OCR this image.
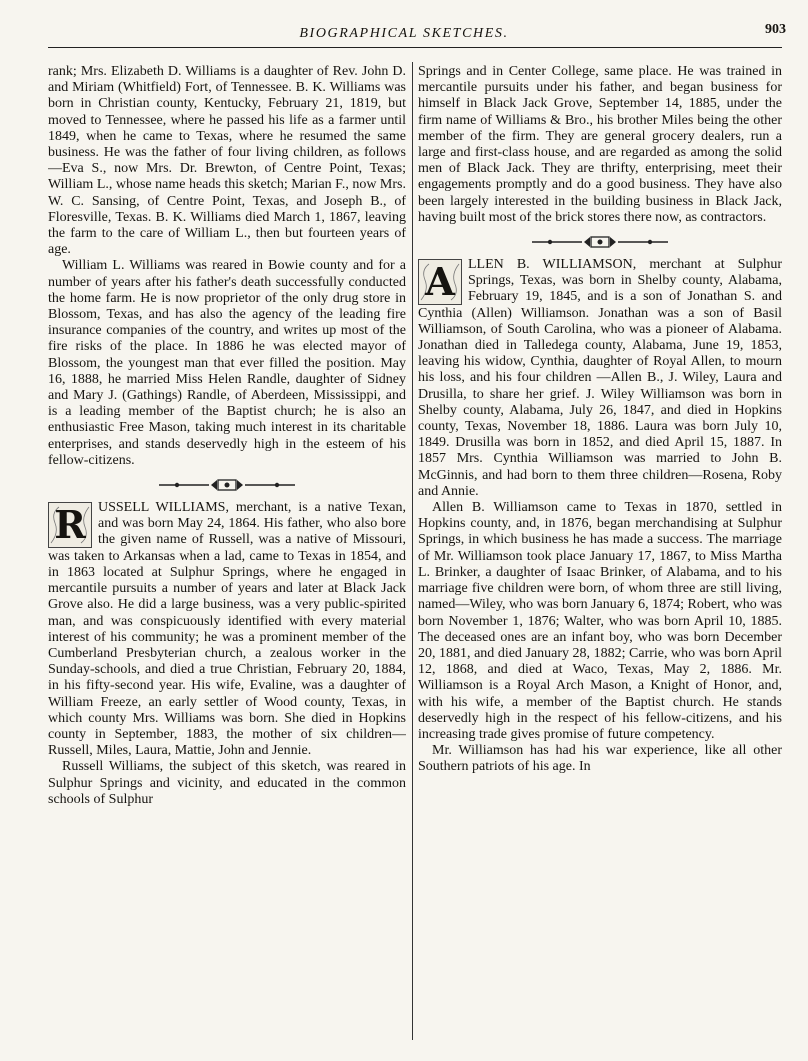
BIOGRAPHICAL SKETCHES.	903

rank; Mrs. Elizabeth D. Williams is a daughter of Rev. John D. and Miriam (Whitfield) Fort, of Tennessee. B. K. Williams was born in Christian county, Kentucky, February 21, 1819, but moved to Tennessee, where he passed his life as a farmer until 1849, when he came to Texas, where he resumed the same business. He was the father of four living children, as follows—Eva S., now Mrs. Dr. Brewton, of Centre Point, Texas; William L., whose name heads this sketch; Marian F., now Mrs. W. C. Sansing, of Centre Point, Texas, and Joseph B., of Floresville, Texas. B. K. Williams died March 1, 1867, leaving the farm to the care of William L., then but fourteen years of age.

William L. Williams was reared in Bowie county and for a number of years after his father's death successfully conducted the home farm. He is now proprietor of the only drug store in Blossom, Texas, and has also the agency of the leading fire insurance companies of the country, and writes up most of the fire risks of the place. In 1886 he was elected mayor of Blossom, the youngest man that ever filled the position. May 16, 1888, he married Miss Helen Randle, daughter of Sidney and Mary J. (Gathings) Randle, of Aberdeen, Mississippi, and is a leading member of the Baptist church; he is also an enthusiastic Free Mason, taking much interest in its charitable enterprises, and stands deservedly high in the esteem of his fellow-citizens.

R USSELL WILLIAMS, merchant, is a native Texan, and was born May 24, 1864. His father, who also bore the given name of Russell, was a native of Missouri, was taken to Arkansas when a lad, came to Texas in 1854, and in 1863 located at Sulphur Springs, where he engaged in mercantile pursuits a number of years and later at Black Jack Grove also. He did a large business, was a very public-spirited man, and was conspicuously identified with every material interest of his community; he was a prominent member of the Cumberland Presbyterian church, a zealous worker in the Sunday-schools, and died a true Christian, February 20, 1884, in his fifty-second year. His wife, Evaline, was a daughter of William Freeze, an early settler of Wood county, Texas, in which county Mrs. Williams was born. She died in Hopkins county in September, 1883, the mother of six children—Russell, Miles, Laura, Mattie, John and Jennie.

Russell Williams, the subject of this sketch, was reared in Sulphur Springs and vicinity, and educated in the common schools of Sulphur

Springs and in Center College, same place. He was trained in mercantile pursuits under his father, and began business for himself in Black Jack Grove, September 14, 1885, under the firm name of Williams & Bro., his brother Miles being the other member of the firm. They are general grocery dealers, run a large and first-class house, and are regarded as among the solid men of Black Jack. They are thrifty, enterprising, meet their engagements promptly and do a good business. They have also been largely interested in the building business in Black Jack, having built most of the brick stores there now, as contractors.

A LLEN B. WILLIAMSON, merchant at Sulphur Springs, Texas, was born in Shelby county, Alabama, February 19, 1845, and is a son of Jonathan S. and Cynthia (Allen) Williamson. Jonathan was a son of Basil Williamson, of South Carolina, who was a pioneer of Alabama. Jonathan died in Talledega county, Alabama, June 19, 1853, leaving his widow, Cynthia, daughter of Royal Allen, to mourn his loss, and his four children —Allen B., J. Wiley, Laura and Drusilla, to share her grief. J. Wiley Williamson was born in Shelby county, Alabama, July 26, 1847, and died in Hopkins county, Texas, November 18, 1886. Laura was born July 10, 1849. Drusilla was born in 1852, and died April 15, 1887. In 1857 Mrs. Cynthia Williamson was married to John B. McGinnis, and had born to them three children—Rosena, Roby and Annie.

Allen B. Williamson came to Texas in 1870, settled in Hopkins county, and, in 1876, began merchandising at Sulphur Springs, in which business he has made a success. The marriage of Mr. Williamson took place January 17, 1867, to Miss Martha L. Brinker, a daughter of Isaac Brinker, of Alabama, and to his marriage five children were born, of whom three are still living, named—Wiley, who was born January 6, 1874; Robert, who was born November 1, 1876; Walter, who was born April 10, 1885. The deceased ones are an infant boy, who was born December 20, 1881, and died January 28, 1882; Carrie, who was born April 12, 1868, and died at Waco, Texas, May 2, 1886. Mr. Williamson is a Royal Arch Mason, a Knight of Honor, and, with his wife, a member of the Baptist church. He stands deservedly high in the respect of his fellow-citizens, and his increasing trade gives promise of future competency.

Mr. Williamson has had his war experience, like all other Southern patriots of his age. In
